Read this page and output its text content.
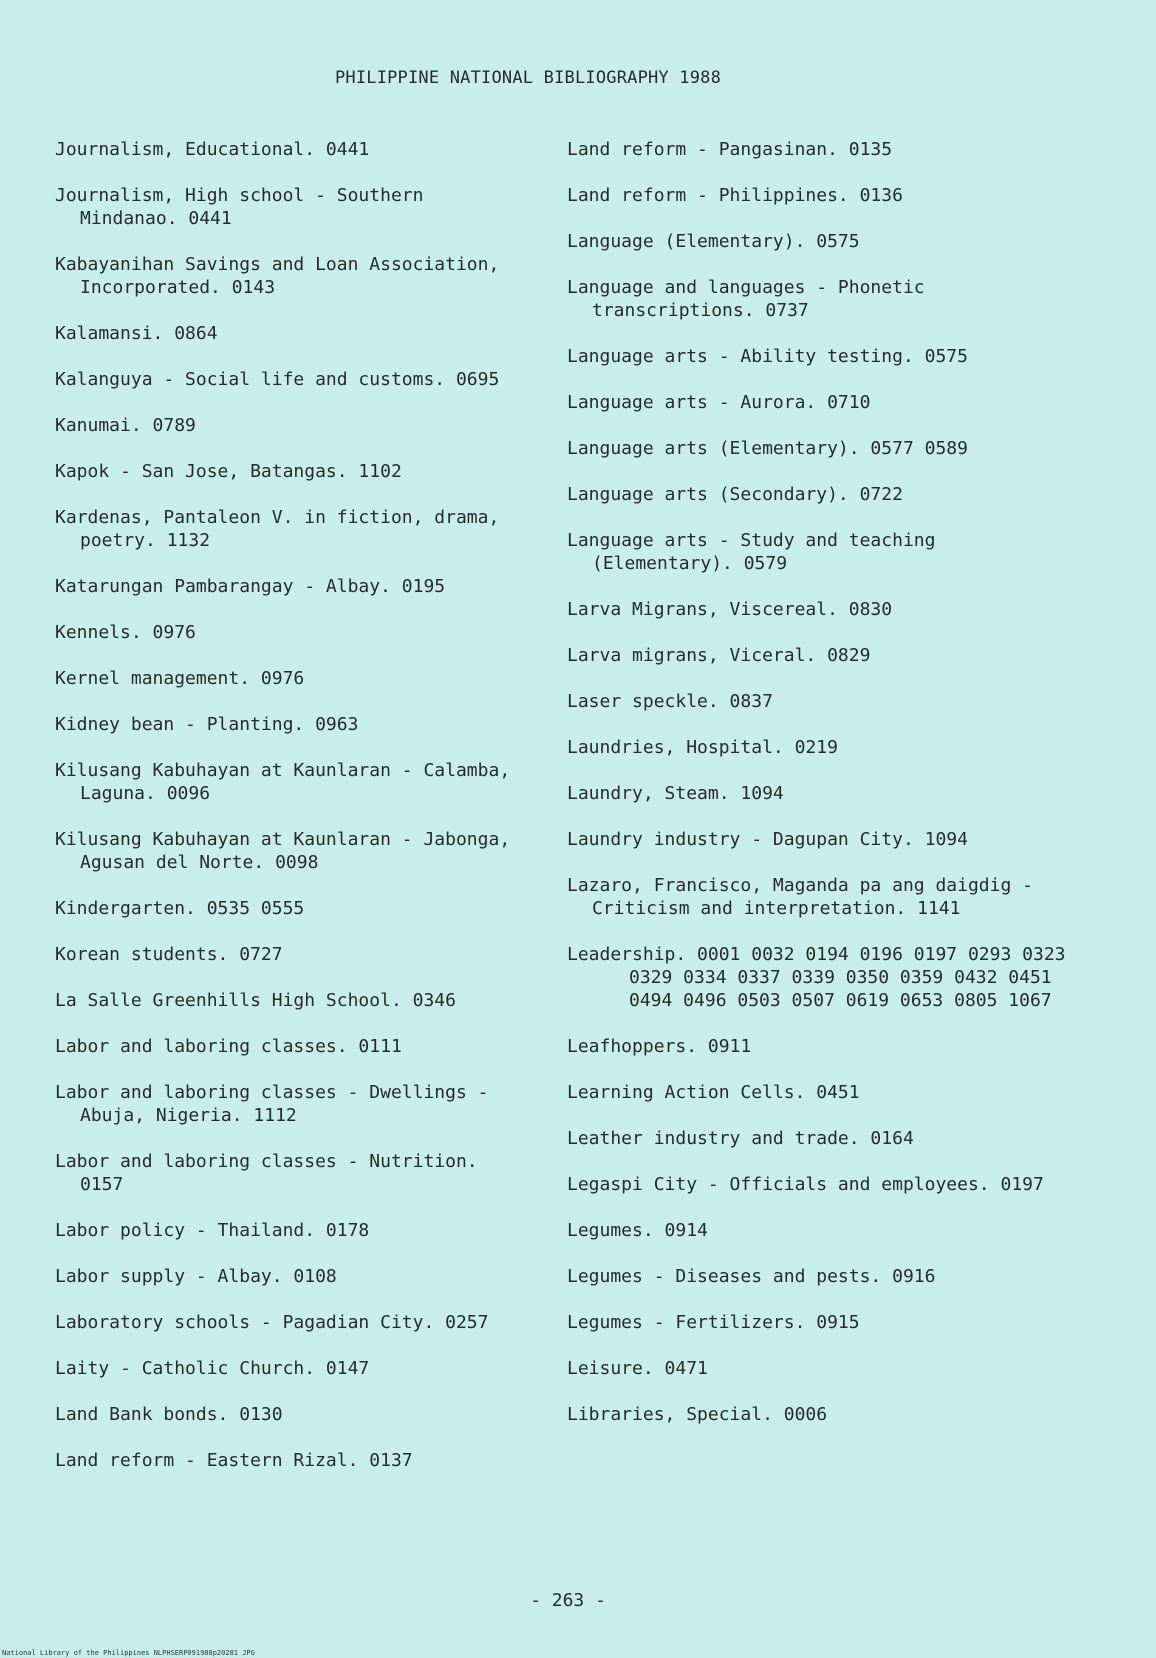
PHILIPPINE NATIONAL BIBLIOGRAPHY 1988
Journalism, Educational. 0441
Journalism, High school - Southern Mindanao. 0441
Kabayanihan Savings and Loan Association, Incorporated. 0143
Kalamansi. 0864
Kalanguya - Social life and customs. 0695
Kanumai. 0789
Kapok - San Jose, Batangas. 1102
Kardenas, Pantaleon V. in fiction, drama, poetry. 1132
Katarungan Pambarangay - Albay. 0195
Kennels. 0976
Kernel management. 0976
Kidney bean - Planting. 0963
Kilusang Kabuhayan at Kaunlaran - Calamba, Laguna. 0096
Kilusang Kabuhayan at Kaunlaran - Jabonga, Agusan del Norte. 0098
Kindergarten. 0535 0555
Korean students. 0727
La Salle Greenhills High School. 0346
Labor and laboring classes. 0111
Labor and laboring classes - Dwellings - Abuja, Nigeria. 1112
Labor and laboring classes - Nutrition. 0157
Labor policy - Thailand. 0178
Labor supply - Albay. 0108
Laboratory schools - Pagadian City. 0257
Laity - Catholic Church. 0147
Land Bank bonds. 0130
Land reform - Eastern Rizal. 0137
Land reform - Pangasinan. 0135
Land reform - Philippines. 0136
Language (Elementary). 0575
Language and languages - Phonetic transcriptions. 0737
Language arts - Ability testing. 0575
Language arts - Aurora. 0710
Language arts (Elementary). 0577 0589
Language arts (Secondary). 0722
Language arts - Study and teaching (Elementary). 0579
Larva Migrans, Viscereal. 0830
Larva migrans, Viceral. 0829
Laser speckle. 0837
Laundries, Hospital. 0219
Laundry, Steam. 1094
Laundry industry - Dagupan City. 1094
Lazaro, Francisco, Maganda pa ang daigdig - Criticism and interpretation. 1141
Leadership. 0001 0032 0194 0196 0197 0293 0323 0329 0334 0337 0339 0350 0359 0432 0451 0494 0496 0503 0507 0619 0653 0805 1067
Leafhoppers. 0911
Learning Action Cells. 0451
Leather industry and trade. 0164
Legaspi City - Officials and employees. 0197
Legumes. 0914
Legumes - Diseases and pests. 0916
Legumes - Fertilizers. 0915
Leisure. 0471
Libraries, Special. 0006
- 263 -
National Library of the Philippines NLPHSERP091988p20281 JPG
